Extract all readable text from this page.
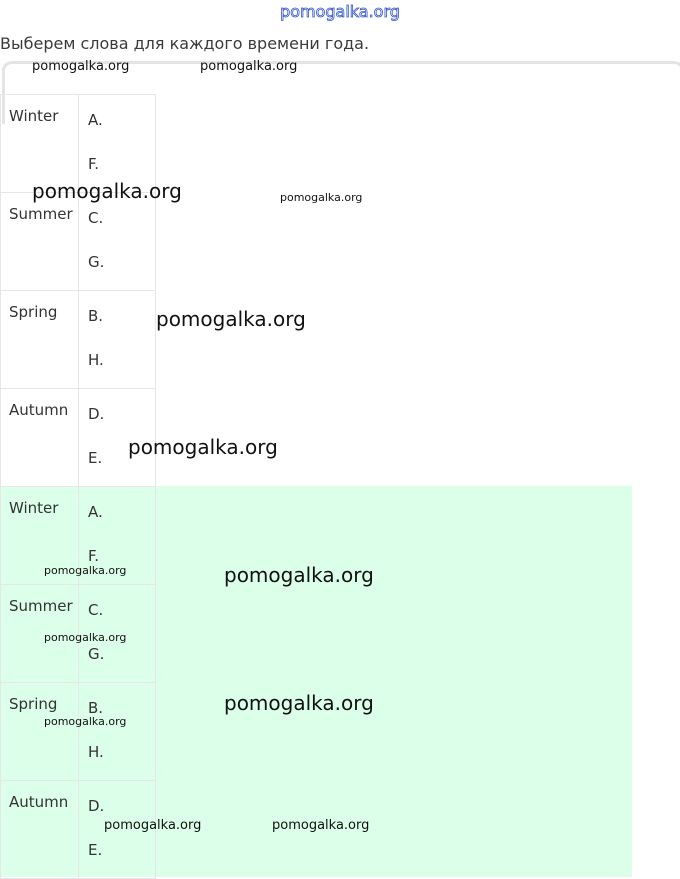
pomogalka.org
Выберем слова для каждого времени года.
Winter	A.
F.

Summer	C.
G.

Spring	B.
H.

Autumn	D.
E.
Winter	A.
F.

Summer	C.
G.

Spring	B.
H.

Autumn	D.
E.
pomogalka.org	pomogalka.org
pomogalka.org	pomogalka.org
pomogalka.org
pomogalka.org
pomogalka.org	pomogalka.org
pomogalka.org
pomogalka.org
pomogalka.org
pomogalka.org	pomogalka.org
